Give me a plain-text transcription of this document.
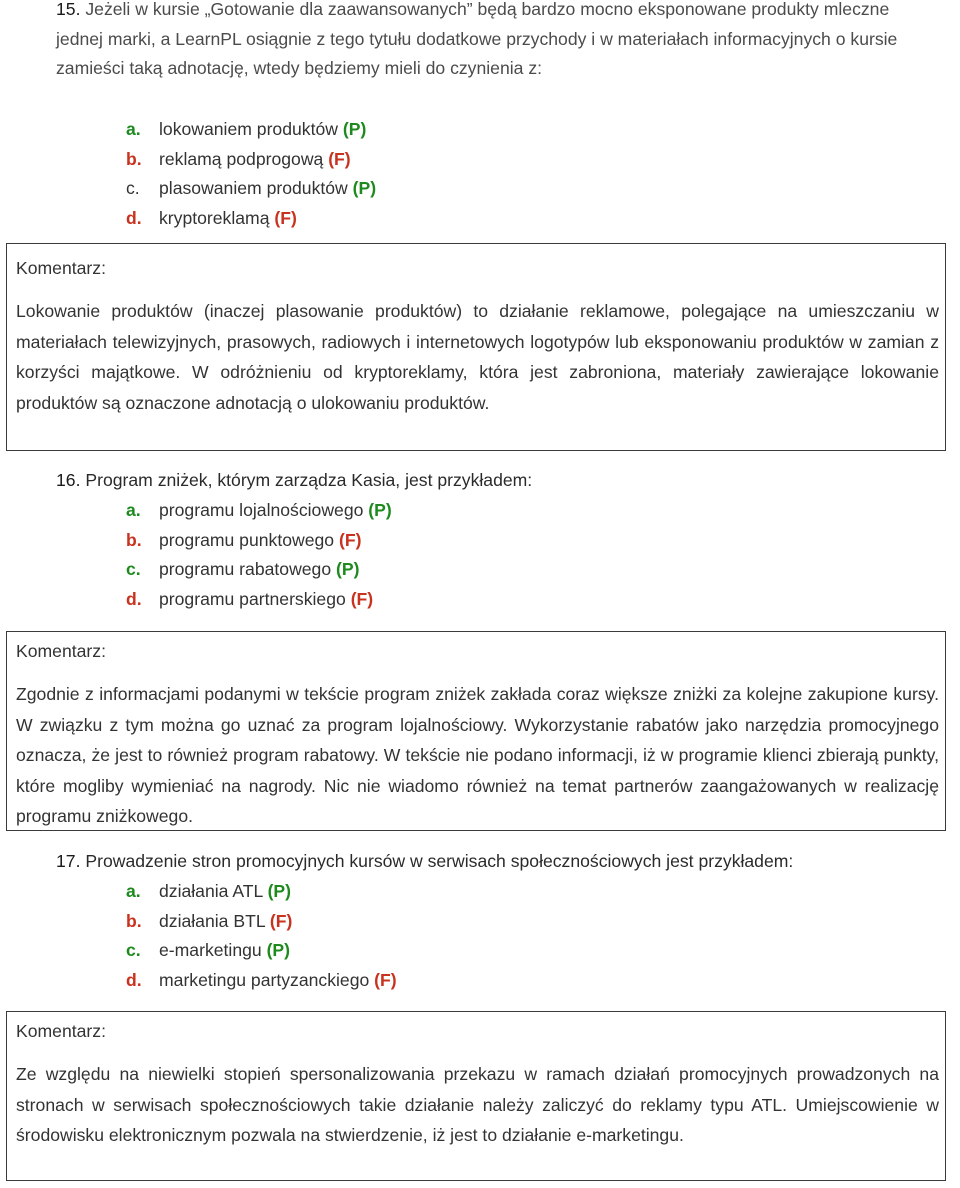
15. Jeżeli w kursie „Gotowanie dla zaawansowanych” będą bardzo mocno eksponowane produkty mleczne jednej marki, a LearnPL osiągnie z tego tytułu dodatkowe przychody i w materiałach informacyjnych o kursie zamieści taką adnotację, wtedy będziemy mieli do czynienia z:
a. lokowaniem produktów (P)
b. reklamą podprogową (F)
c. plasowaniem produktów (P)
d. kryptoreklamą (F)
Komentarz:
Lokowanie produktów (inaczej plasowanie produktów) to działanie reklamowe, polegające na umieszczaniu w materiałach telewizyjnych, prasowych, radiowych i internetowych logotypów lub eksponowaniu produktów w zamian z korzyści majątkowe. W odróżnieniu od kryptoreklamy, która jest zabroniona, materiały zawierające lokowanie produktów są oznaczone adnotacją o ulokowaniu produktów.
16. Program zniżek, którym zarządza Kasia, jest przykładem:
a. programu lojalnościowego (P)
b. programu punktowego (F)
c. programu rabatowego (P)
d. programu partnerskiego (F)
Komentarz:
Zgodnie z informacjami podanymi w tekście program zniżek zakłada coraz większe zniżki za kolejne zakupione kursy. W związku z tym można go uznać za program lojalnościowy. Wykorzystanie rabatów jako narzędzia promocyjnego oznacza, że jest to również program rabatowy. W tekście nie podano informacji, iż w programie klienci zbierają punkty, które mogliby wymieniać na nagrody. Nic nie wiadomo również na temat partnerów zaangażowanych w realizację programu zniżkowego.
17. Prowadzenie stron promocyjnych kursów w serwisach społecznościowych jest przykładem:
a. działania ATL (P)
b. działania BTL (F)
c. e-marketingu (P)
d. marketingu partyzanckiego (F)
Komentarz:
Ze względu na niewielki stopień spersonalizowania przekazu w ramach działań promocyjnych prowadzonych na stronach w serwisach społecznościowych takie działanie należy zaliczyć do reklamy typu ATL. Umiejscowienie w środowisku elektronicznym pozwala na stwierdzenie, iż jest to działanie e-marketingu.
